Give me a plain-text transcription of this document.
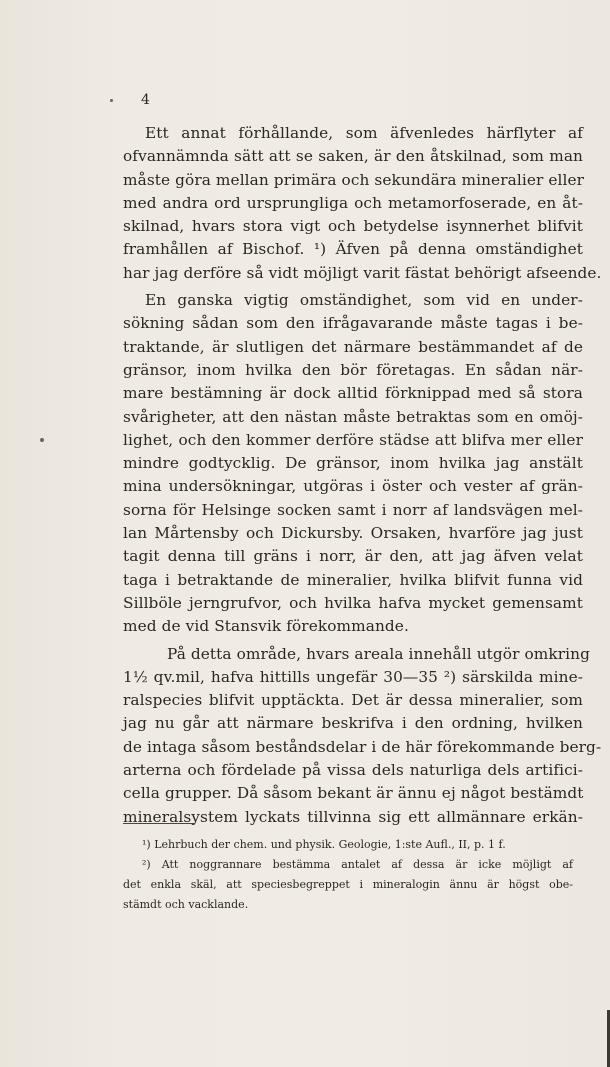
4
Ett annat förhållande, som äfvenledes härflyter af
ofvannämnda sätt att se saken, är den åtskilnad, som man
måste göra mellan primära och sekundära mineralier eller
med andra ord ursprungliga och metamorfoserade, en åt-
skilnad, hvars stora vigt och betydelse isynnerhet blifvit
framhållen af Bischof. ¹) Äfven på denna omständighet
har jag derföre så vidt möjligt varit fästat behörigt afseende.
En ganska vigtig omständighet, som vid en under-
sökning sådan som den ifrågavarande måste tagas i be-
traktande, är slutligen det närmare bestämmandet af de
gränsor, inom hvilka den bör företagas. En sådan när-
mare bestämning är dock alltid förknippad med så stora
svårigheter, att den nästan måste betraktas som en omöj-
lighet, och den kommer derföre städse att blifva mer eller
mindre godtycklig. De gränsor, inom hvilka jag anstält
mina undersökningar, utgöras i öster och vester af grän-
sorna för Helsinge socken samt i norr af landsvägen mel-
lan Mårtensby och Dickursby. Orsaken, hvarföre jag just
tagit denna till gräns i norr, är den, att jag äfven velat
taga i betraktande de mineralier, hvilka blifvit funna vid
Sillböle jerngrufvor, och hvilka hafva mycket gemensamt
med de vid Stansvik förekommande.
På detta område, hvars areala innehåll utgör omkring
1½ qv.mil, hafva hittills ungefär 30—35 ²) särskilda mine-
ralspecies blifvit upptäckta. Det är dessa mineralier, som
jag nu går att närmare beskrifva i den ordning, hvilken
de intaga såsom beståndsdelar i de här förekommande berg-
arterna och fördelade på vissa dels naturliga dels artifici-
cella grupper. Då såsom bekant är ännu ej något bestämdt
mineralsystem lyckats tillvinna sig ett allmännare erkän-
¹) Lehrbuch der chem. und physik. Geologie, 1:ste Aufl., II, p. 1 f.
²) Att noggrannare bestämma antalet af dessa är icke möjligt af
det enkla skäl, att speciesbegreppet i mineralogin ännu är högst obe-
stämdt och vacklande.
